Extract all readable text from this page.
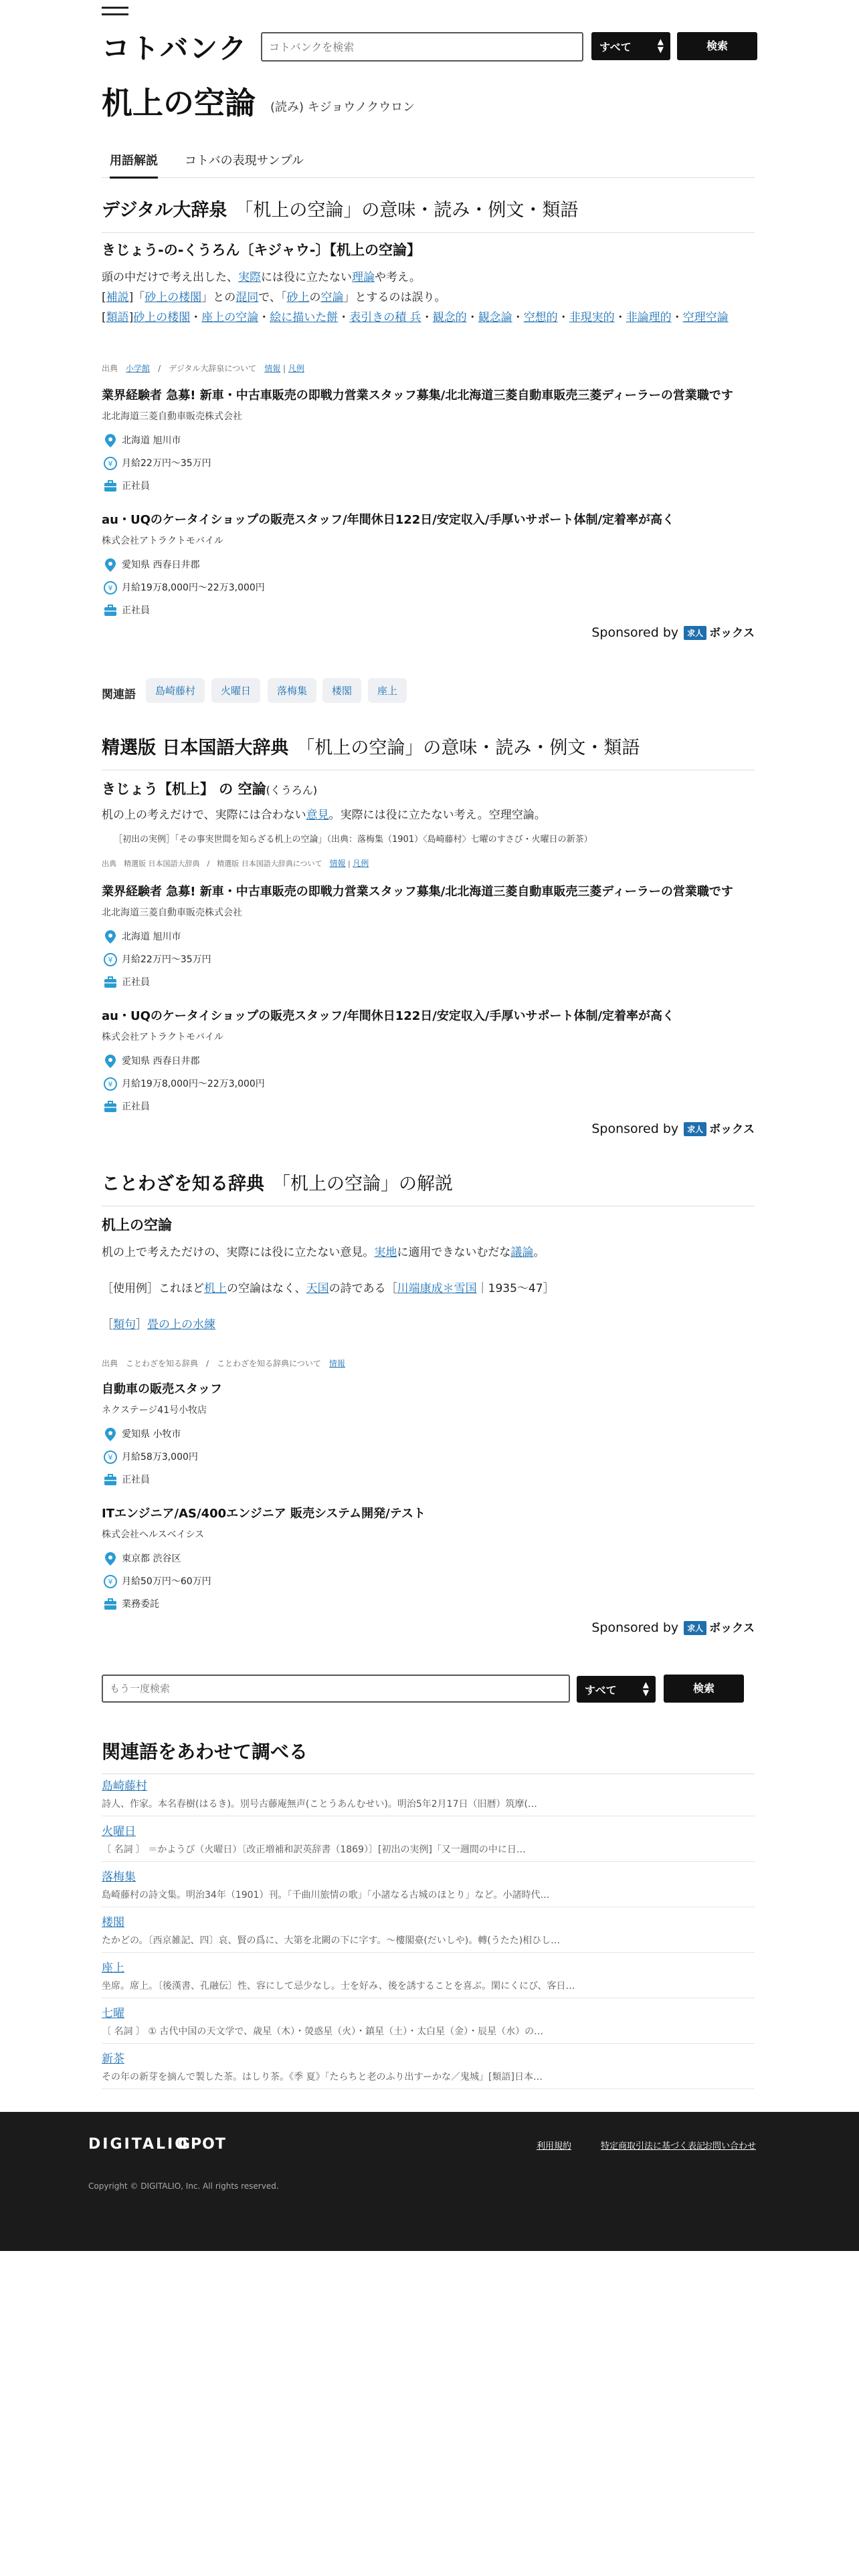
コトバンク
コトバンクを検索	すべて	▲
▼	検索
机上の空論 (読み) キジョウノクウロン
用語解説 コトバの表現サンプル
デジタル大辞泉 「机上の空論」の意味・読み・例文・類語
きじょう-の-くうろん〔キジャウ-〕【机上の空論】
頭の中だけで考え出した、実際には役に立たない理論や考え。
[補説]「砂上の楼閣」との混同で、「砂上の空論」とするのは誤り。
[類語]砂上の楼閣・座上の空論・絵に描いた餅・表引きの積 兵・観念的・観念論・空想的・非現実的・非論理的・空理空論
出典　 小学館　 /　 デジタル大辞泉について　 情報 | 凡例
業界経験者 急募! 新車・中古車販売の即戦力営業スタッフ募集/北北海道三菱自動車販売三菱ディーラーの営業職です
北北海道三菱自動車販売株式会社
北海道 旭川市
¥ 月給22万円〜35万円
正社員
au・UQのケータイショップの販売スタッフ/年間休日122日/安定収入/手厚いサポート体制/定着率が高く
株式会社アトラクトモバイル
愛知県 西春日井郡
¥ 月給19万8,000円〜22万3,000円
正社員
Sponsored by 求人 ボックス
関連語	島崎藤村	火曜日	落梅集	楼閣	座上
精選版 日本国語大辞典 「机上の空論」の意味・読み・例文・類語
きじょう【机上】 の 空論(くうろん)
机の上の考えだけで、実際には合わない意見。実際には役に立たない考え。空理空論。
［初出の実例］「その事実世間を知らざる机上の空論」（出典：落梅集（1901）〈島崎藤村〉七曜のすさび・火曜日の新茶）
出典　 精選版 日本国語大辞典　/　精選版 日本国語大辞典について　 情報 | 凡例
業界経験者 急募! 新車・中古車販売の即戦力営業スタッフ募集/北北海道三菱自動車販売三菱ディーラーの営業職です
北北海道三菱自動車販売株式会社
北海道 旭川市
¥ 月給22万円〜35万円
正社員
au・UQのケータイショップの販売スタッフ/年間休日122日/安定収入/手厚いサポート体制/定着率が高く
株式会社アトラクトモバイル
愛知県 西春日井郡
¥ 月給19万8,000円〜22万3,000円
正社員
Sponsored by 求人 ボックス
ことわざを知る辞典 「机上の空論」の解説
机上の空論
机の上で考えただけの、実際には役に立たない意見。実地に適用できないむだな議論。
［使用例］これほど机上の空論はなく、天国の詩である［川端康成＊雪国｜1935〜47］
［類句］畳の上の水練
出典　 ことわざを知る辞典　/　ことわざを知る辞典について　 情報
自動車の販売スタッフ
ネクステージ41号小牧店
愛知県 小牧市
¥ 月給58万3,000円
正社員
ITエンジニア/AS/400エンジニア 販売システム開発/テスト
株式会社ヘルスベイシス
東京都 渋谷区
¥ 月給50万円〜60万円
業務委託
Sponsored by 求人 ボックス
もう一度検索
すべて	▲
▼	検索
関連語をあわせて調べる
島崎藤村
詩人、作家。本名春樹(はるき)。別号古藤庵無声(ことうあんむせい)。明治5年2月17日（旧暦）筑摩(…
火曜日
〔 名詞 〕 ＝かようび（火曜日）〔改正増補和訳英辞書（1869）〕[初出の実例]「又一週間の中に日…
落梅集
島崎藤村の詩文集。明治34年（1901）刊。「千曲川旅情の歌」「小諸なる古城のほとり」など。小諸時代…
楼閣
たかどの。〔西京雑記、四〕哀、賢の爲に、大第を北闕の下に字す。〜樓閣臺(だいしや)。轉(うたた)相ひし…
座上
坐席。席上。〔後漢書、孔融伝〕性、容にして忌少なし。士を好み、後を誘することを喜ぶ。閑にくにび、客日…
七曜
〔 名詞 〕 ① 古代中国の天文学で、歳星（木）・熒惑星（火）・鎮星（土）・太白星（金）・辰星（水）の…
新茶
その年の新芽を摘んで製した茶。はしり茶。《季 夏》「たらちと老のふり出すーかな／鬼城」[類語]日本…
DIGITALIO
GPOT	利用規約	特定商取引法に基づく表記
お問い合わせ
Copyright © DIGITALIO, Inc. All rights reserved.
